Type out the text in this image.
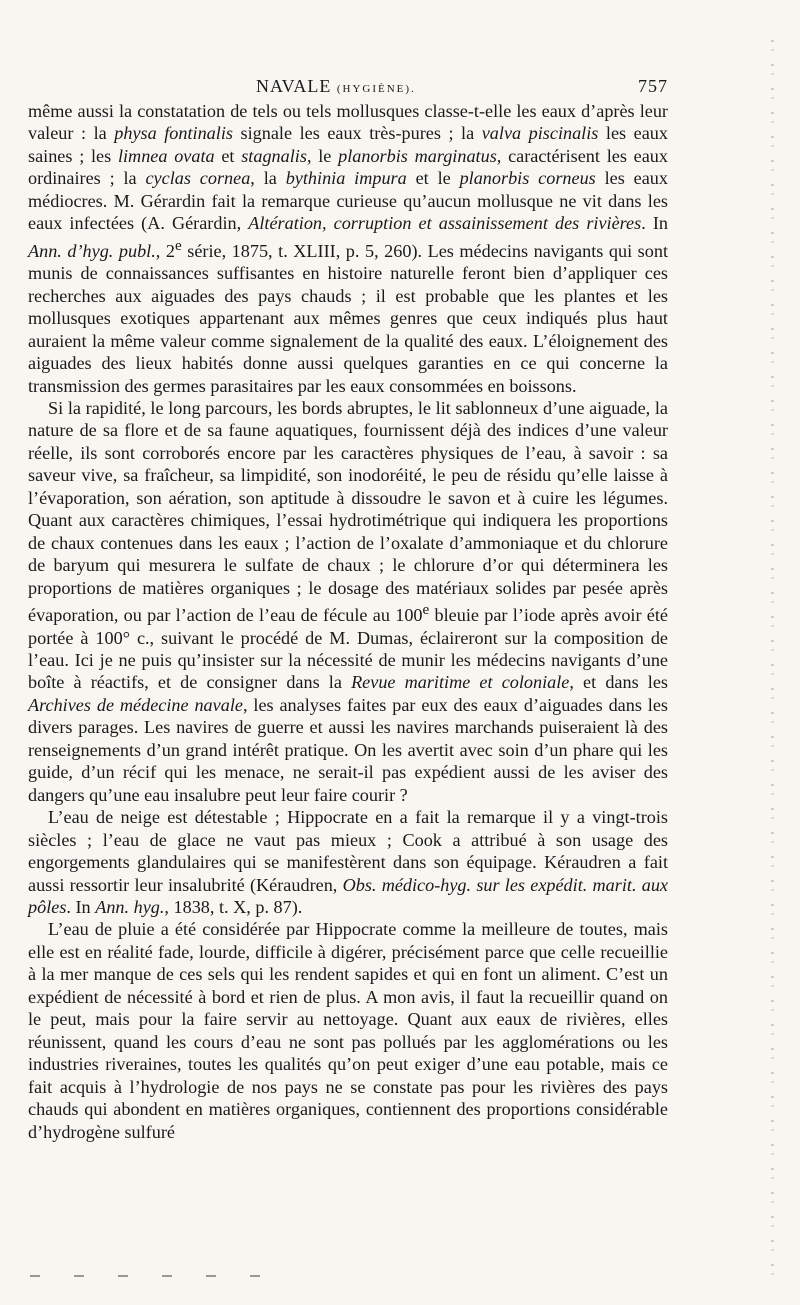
NAVALE (HYGIÈNE).	757

même aussi la constatation de tels ou tels mollusques classe-t-elle les eaux d’après leur valeur : la physa fontinalis signale les eaux très-pures ; la valva piscinalis les eaux saines ; les limnea ovata et stagnalis, le planorbis marginatus, caractérisent les eaux ordinaires ; la cyclas cornea, la bythinia impura et le planorbis corneus les eaux médiocres. M. Gérardin fait la remarque curieuse qu’aucun mollusque ne vit dans les eaux infectées (A. Gérardin, Altération, corruption et assainissement des rivières. In Ann. d’hyg. publ., 2e série, 1875, t. XLIII, p. 5, 260). Les médecins navigants qui sont munis de connaissances suffisantes en histoire naturelle feront bien d’appliquer ces recherches aux aiguades des pays chauds ; il est probable que les plantes et les mollusques exotiques appartenant aux mêmes genres que ceux indiqués plus haut auraient la même valeur comme signalement de la qualité des eaux. L’éloignement des aiguades des lieux habités donne aussi quelques garanties en ce qui concerne la transmission des germes parasitaires par les eaux consommées en boissons.

Si la rapidité, le long parcours, les bords abruptes, le lit sablonneux d’une aiguade, la nature de sa flore et de sa faune aquatiques, fournissent déjà des indices d’une valeur réelle, ils sont corroborés encore par les caractères physiques de l’eau, à savoir : sa saveur vive, sa fraîcheur, sa limpidité, son inodoréité, le peu de résidu qu’elle laisse à l’évaporation, son aération, son aptitude à dissoudre le savon et à cuire les légumes. Quant aux caractères chimiques, l’essai hydrotimétrique qui indiquera les proportions de chaux contenues dans les eaux ; l’action de l’oxalate d’ammoniaque et du chlorure de baryum qui mesurera le sulfate de chaux ; le chlorure d’or qui déterminera les proportions de matières organiques ; le dosage des matériaux solides par pesée après évaporation, ou par l’action de l’eau de fécule au 100e bleuie par l’iode après avoir été portée à 100° c., suivant le procédé de M. Dumas, éclaireront sur la composition de l’eau. Ici je ne puis qu’insister sur la nécessité de munir les médecins navigants d’une boîte à réactifs, et de consigner dans la Revue maritime et coloniale, et dans les Archives de médecine navale, les analyses faites par eux des eaux d’aiguades dans les divers parages. Les navires de guerre et aussi les navires marchands puiseraient là des renseignements d’un grand intérêt pratique. On les avertit avec soin d’un phare qui les guide, d’un récif qui les menace, ne serait-il pas expédient aussi de les aviser des dangers qu’une eau insalubre peut leur faire courir ?

L’eau de neige est détestable ; Hippocrate en a fait la remarque il y a vingt-trois siècles ; l’eau de glace ne vaut pas mieux ; Cook a attribué à son usage des engorgements glandulaires qui se manifestèrent dans son équipage. Kéraudren a fait aussi ressortir leur insalubrité (Kéraudren, Obs. médico-hyg. sur les expédit. marit. aux pôles. In Ann. hyg., 1838, t. X, p. 87).

L’eau de pluie a été considérée par Hippocrate comme la meilleure de toutes, mais elle est en réalité fade, lourde, difficile à digérer, précisément parce que celle recueillie à la mer manque de ces sels qui les rendent sapides et qui en font un aliment. C’est un expédient de nécessité à bord et rien de plus. A mon avis, il faut la recueillir quand on le peut, mais pour la faire servir au nettoyage. Quant aux eaux de rivières, elles réunissent, quand les cours d’eau ne sont pas pollués par les agglomérations ou les industries riveraines, toutes les qualités qu’on peut exiger d’une eau potable, mais ce fait acquis à l’hydrologie de nos pays ne se constate pas pour les rivières des pays chauds qui abondent en matières organiques, contiennent des proportions considérable d’hydrogène sulfuré
